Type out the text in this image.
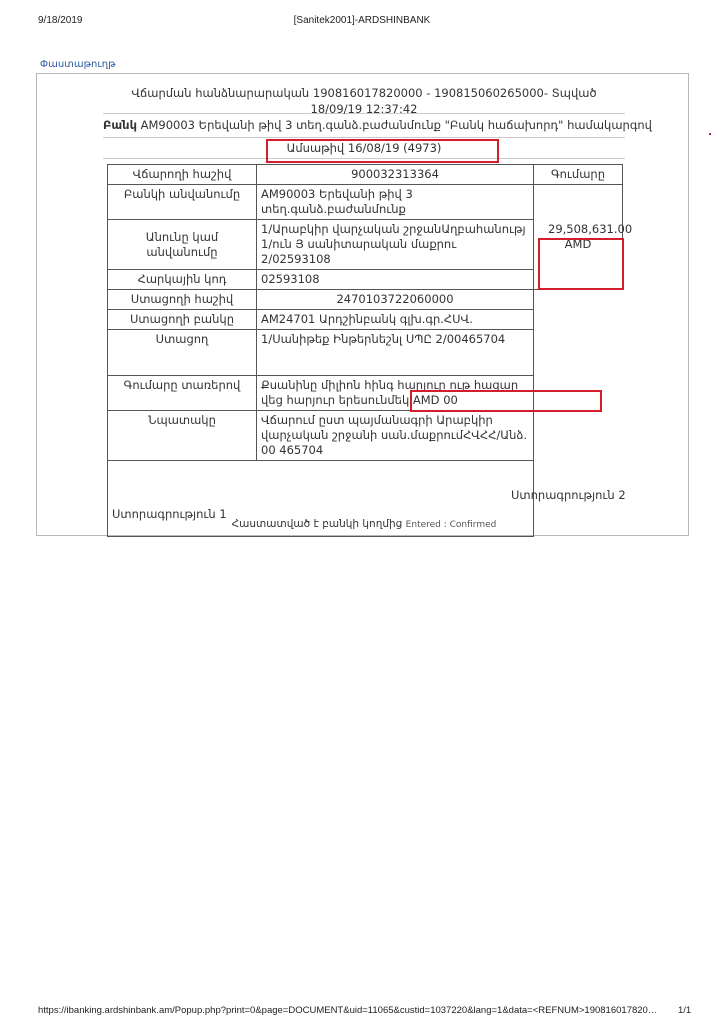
9/18/2019	[Sanitek2001]-ARDSHINBANK
Փաստաթուղթ
Վճարման հանձնարարական 190816017820000 - 190815060265000- Տպված 18/09/19 12:37:42
Բանկ AM90003 Երեվանի թիվ 3 տեղ.գանձ.բաժանմունք "Բանկ հաճախորդ" համակարգով
Ամսաթիվ 16/08/19 (4973)
Վճարողի հաշիվ	900032313364	Գումարը
Բանկի անվանումը	AM90003 Երեվանի թիվ 3 տեղ.գանձ.բաժանմունք	29,508,631.00 AMD

Անունը կամ անվանումը	1/Արաբկիր վարչական շրջանԱղբահանությ 1/ուն Յ սանիտարական մաքրու 2/02593108	
Հարկային կոդ	02593108	
Ստացողի հաշիվ	2470103722060000	
Ստացողի բանկը	AM24701 Արդշինբանկ գլխ.գր.ՀՍՎ.	
Ստացող	1/Սանիթեք Ինթերնեշնլ ՍՊԸ 2/00465704	
Գումարը տառերով	Քսանինը միլիոն հինգ հարյուր ութ հազար վեց հարյուր երեսունմեկ AMD 00	
Նպատակը	Վճարում ըստ պայմանագրի Արաբկիր վարչական շրջանի սան.մաքրումՀՎՀՀ/Անձ. 00 465704	

Ստորագրություն 1		
Ստորագրություն 2
Հաստատված է բանկի կողմից Entered : Confirmed
https://ibanking.ardshinbank.am/Popup.php?print=0&page=DOCUMENT&uid=11065&custid=1037220&lang=1&data=<REFNUM>190816017820… 1/1
